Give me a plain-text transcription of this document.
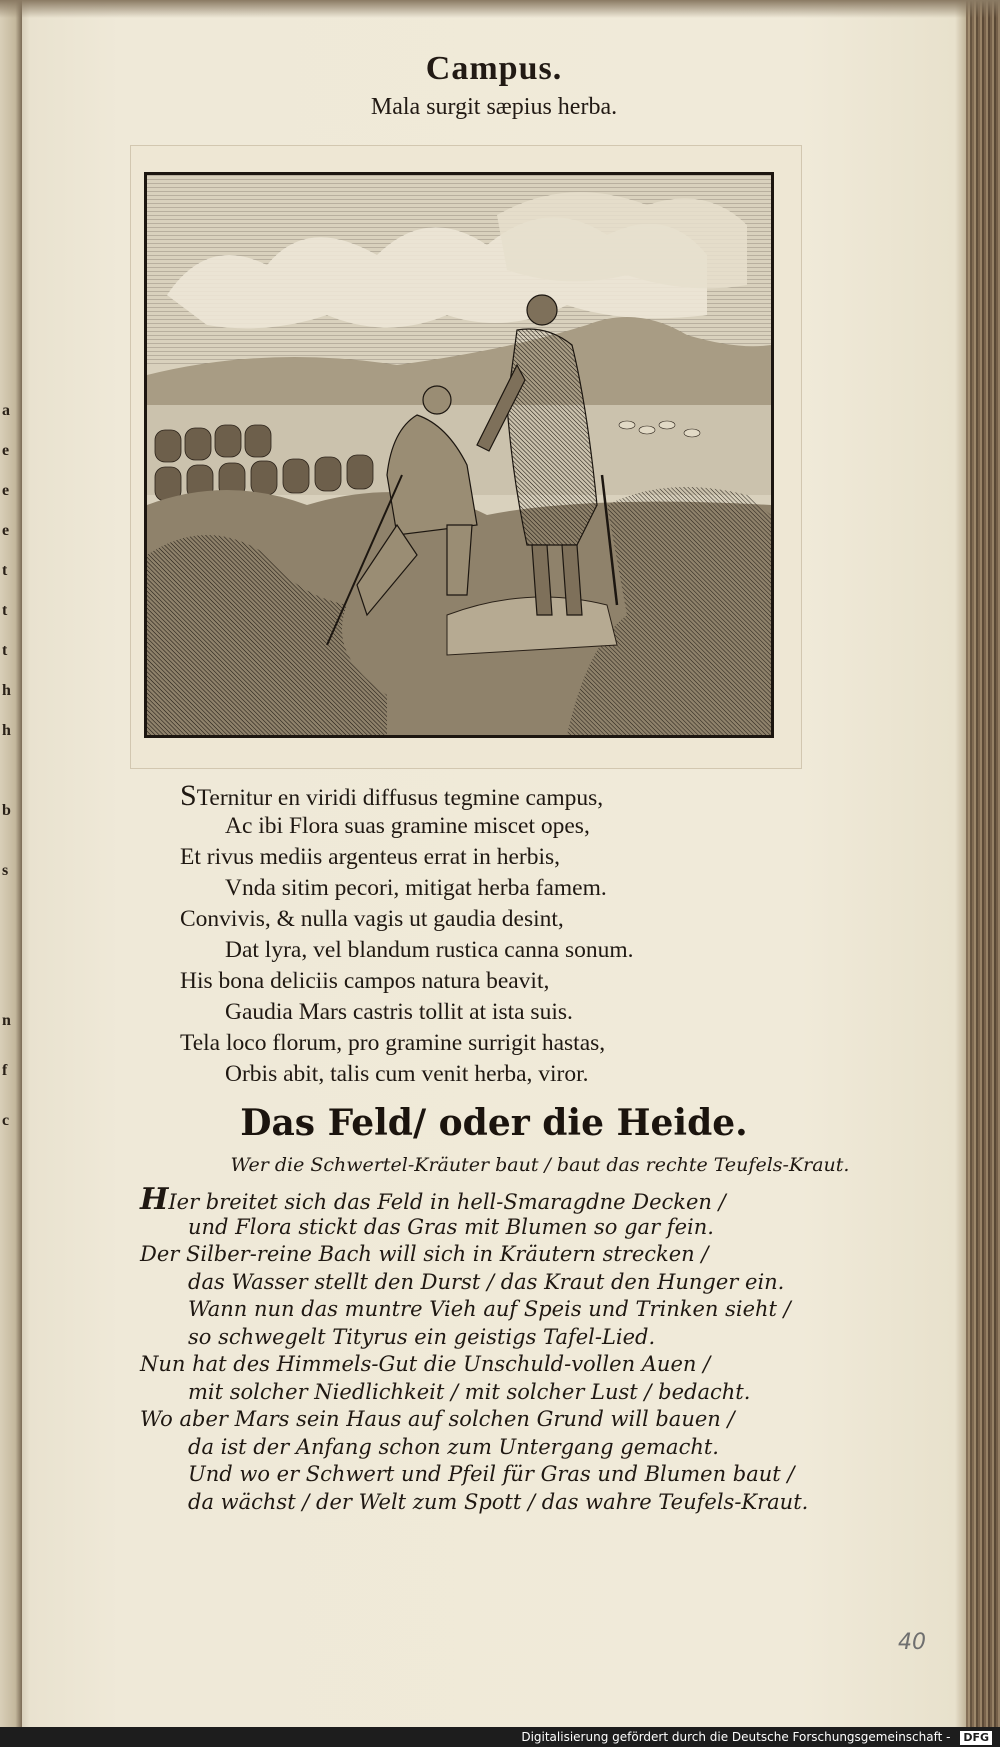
a
e
e
e
t
t
t
h
h
b
s
n
f
c
Campus.
Mala surgit sæpius herba.
STernitur en viridi diffusus tegmine campus,
Ac ibi Flora suas gramine miscet opes,
Et rivus mediis argenteus errat in herbis,
Vnda sitim pecori, mitigat herba famem.
Convivis, & nulla vagis ut gaudia desint,
Dat lyra, vel blandum rustica canna sonum.
His bona deliciis campos natura beavit,
Gaudia Mars castris tollit at ista suis.
Tela loco florum, pro gramine surrigit hastas,
Orbis abit, talis cum venit herba, viror.
Das Feld/ oder die Heide.
Wer die Schwertel-Kräuter baut / baut das rechte Teufels-Kraut.
HIer breitet sich das Feld in hell-Smaragdne Decken /
und Flora stickt das Gras mit Blumen so gar fein.
Der Silber-reine Bach will sich in Kräutern strecken /
das Wasser stellt den Durst / das Kraut den Hunger ein.
Wann nun das muntre Vieh auf Speis und Trinken sieht /
so schwegelt Tityrus ein geistigs Tafel-Lied.
Nun hat des Himmels-Gut die Unschuld-vollen Auen /
mit solcher Niedlichkeit / mit solcher Lust / bedacht.
Wo aber Mars sein Haus auf solchen Grund will bauen /
da ist der Anfang schon zum Untergang gemacht.
Und wo er Schwert und Pfeil für Gras und Blumen baut /
da wächst / der Welt zum Spott / das wahre Teufels-Kraut.
40
Digitalisierung gefördert durch die Deutsche Forschungsgemeinschaft - DFG
